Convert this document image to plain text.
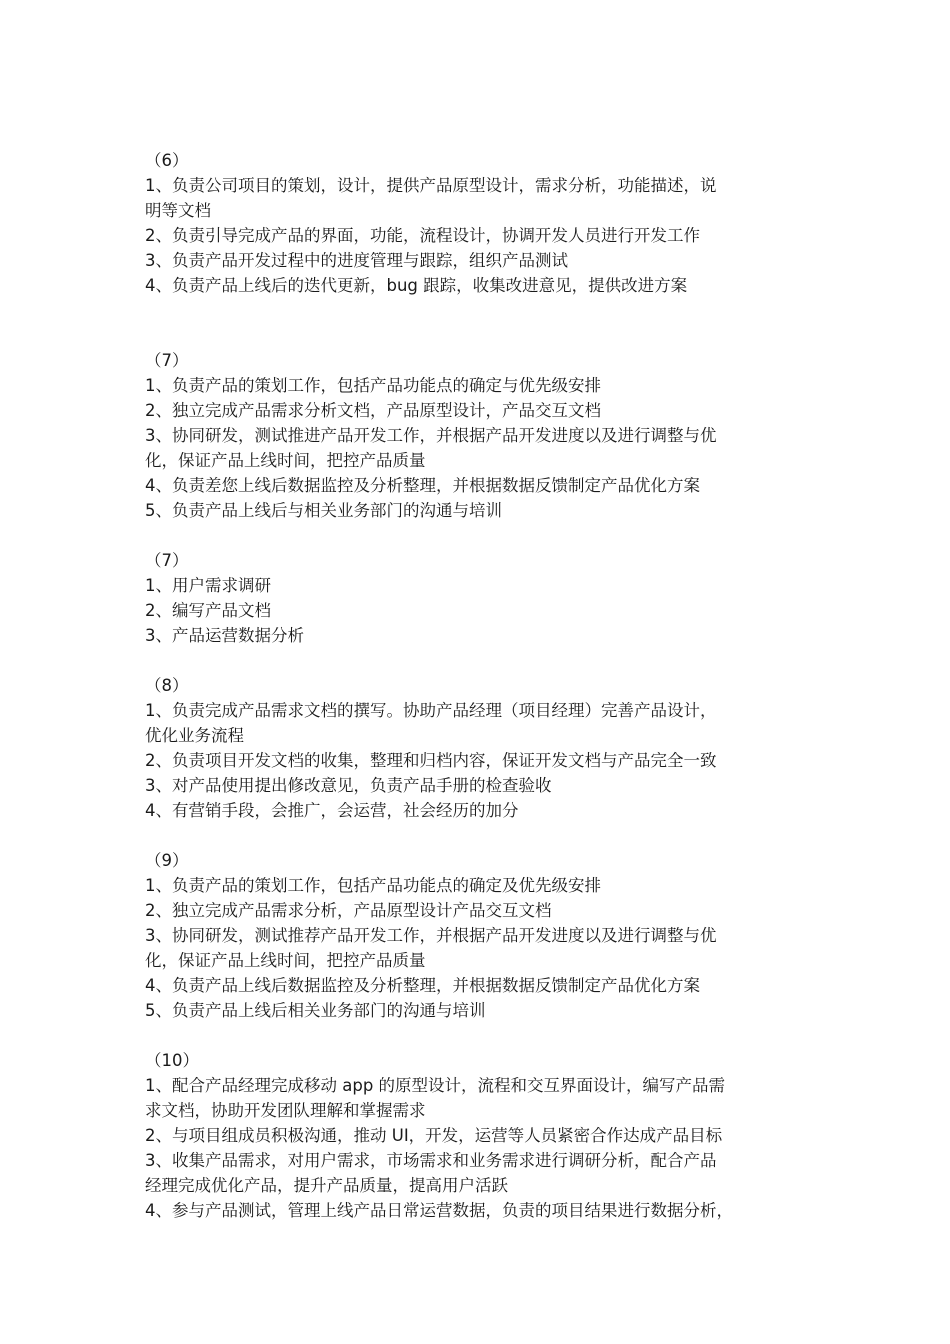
（6）
1、负责公司项目的策划，设计，提供产品原型设计，需求分析，功能描述，说
明等文档
2、负责引导完成产品的界面，功能，流程设计，协调开发人员进行开发工作
3、负责产品开发过程中的进度管理与跟踪，组织产品测试
4、负责产品上线后的迭代更新，bug 跟踪，收集改进意见，提供改进方案
（7）
1、负责产品的策划工作，包括产品功能点的确定与优先级安排
2、独立完成产品需求分析文档，产品原型设计，产品交互文档
3、协同研发，测试推进产品开发工作，并根据产品开发进度以及进行调整与优
化，保证产品上线时间，把控产品质量
4、负责差您上线后数据监控及分析整理，并根据数据反馈制定产品优化方案
5、负责产品上线后与相关业务部门的沟通与培训
（7）
1、用户需求调研
2、编写产品文档
3、产品运营数据分析
（8）
1、负责完成产品需求文档的撰写。协助产品经理（项目经理）完善产品设计，
优化业务流程
2、负责项目开发文档的收集，整理和归档内容，保证开发文档与产品完全一致
3、对产品使用提出修改意见，负责产品手册的检查验收
4、有营销手段，会推广，会运营，社会经历的加分
（9）
1、负责产品的策划工作，包括产品功能点的确定及优先级安排
2、独立完成产品需求分析，产品原型设计产品交互文档
3、协同研发，测试推荐产品开发工作，并根据产品开发进度以及进行调整与优
化，保证产品上线时间，把控产品质量
4、负责产品上线后数据监控及分析整理，并根据数据反馈制定产品优化方案
5、负责产品上线后相关业务部门的沟通与培训
（10）
1、配合产品经理完成移动 app 的原型设计，流程和交互界面设计，编写产品需
求文档，协助开发团队理解和掌握需求
2、与项目组成员积极沟通，推动 UI，开发，运营等人员紧密合作达成产品目标
3、收集产品需求，对用户需求，市场需求和业务需求进行调研分析，配合产品
经理完成优化产品，提升产品质量，提高用户活跃
4、参与产品测试，管理上线产品日常运营数据，负责的项目结果进行数据分析，
